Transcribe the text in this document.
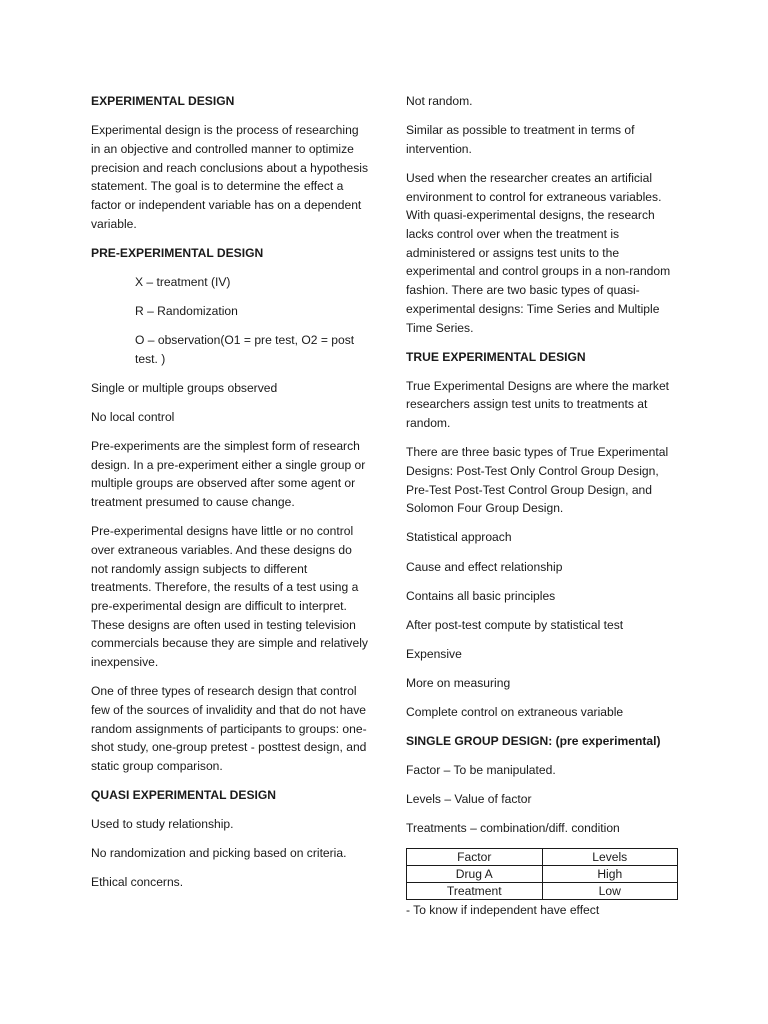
EXPERIMENTAL DESIGN

Experimental design is the process of researching in an objective and controlled manner to optimize precision and reach conclusions about a hypothesis statement. The goal is to determine the effect a factor or independent variable has on a dependent variable.

PRE-EXPERIMENTAL DESIGN

X – treatment (IV)

R – Randomization

O – observation(O1 = pre test, O2 = post test. )

Single or multiple groups observed

No local control

Pre-experiments are the simplest form of research design. In a pre-experiment either a single group or multiple groups are observed after some agent or treatment presumed to cause change.

Pre-experimental designs have little or no control over extraneous variables. And these designs do not randomly assign subjects to different treatments. Therefore, the results of a test using a pre-experimental design are difficult to interpret. These designs are often used in testing television commercials because they are simple and relatively inexpensive.

One of three types of research design that control few of the sources of invalidity and that do not have random assignments of participants to groups: one-shot study, one-group pretest - posttest design, and static group comparison.

QUASI EXPERIMENTAL DESIGN

Used to study relationship.

No randomization and picking based on criteria.

Ethical concerns.

Not random.

Similar as possible to treatment in terms of intervention.

Used when the researcher creates an artificial environment to control for extraneous variables. With quasi-experimental designs, the research lacks control over when the treatment is administered or assigns test units to the experimental and control groups in a non-random fashion. There are two basic types of quasi-experimental designs: Time Series and Multiple Time Series.

TRUE EXPERIMENTAL DESIGN

True Experimental Designs are where the market researchers assign test units to treatments at random.

There are three basic types of True Experimental Designs: Post-Test Only Control Group Design, Pre-Test Post-Test Control Group Design, and Solomon Four Group Design.

Statistical approach

Cause and effect relationship

Contains all basic principles

After post-test compute by statistical test

Expensive

More on measuring

Complete control on extraneous variable

SINGLE GROUP DESIGN: (pre experimental)

Factor – To be manipulated.

Levels – Value of factor

Treatments – combination/diff. condition

Factor	Levels
Drug A	High
Treatment	Low

- To know if independent have effect
